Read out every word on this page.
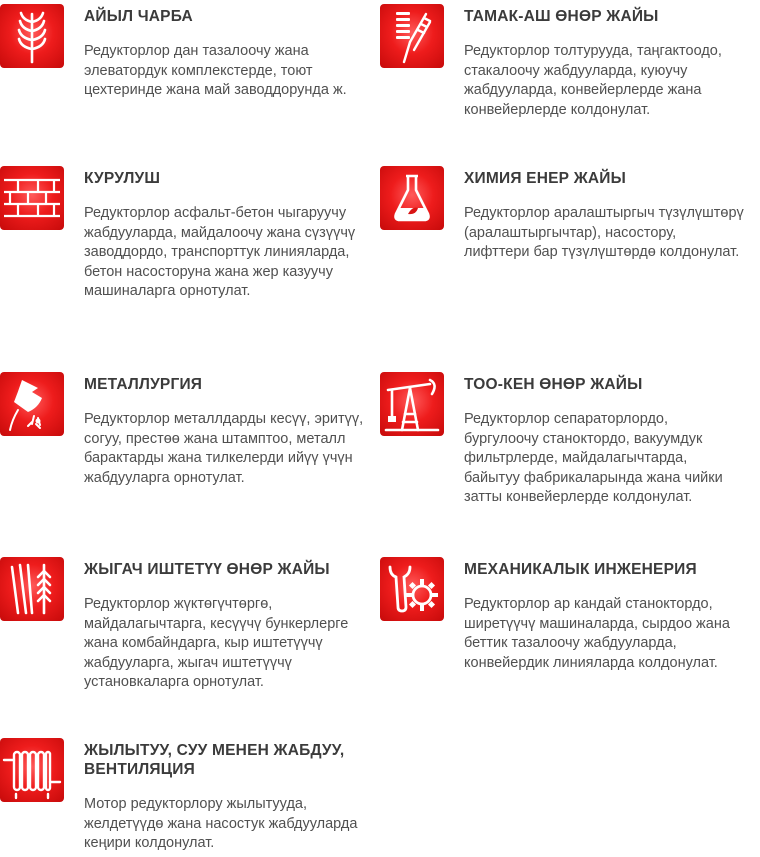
АЙЫЛ ЧАРБА
Редукторлор дан тазалоочу жана элеватордук комплекстерде, тоют цехтеринде жана май заводдорунда ж.
ТАМАК-АШ ӨНӨР ЖАЙЫ
Редукторлор толтурууда, таңгактоодо, стакалоочу жабдууларда, куюучу жабдууларда, конвейерлерде жана конвейерлерде колдонулат.
КУРУЛУШ
Редукторлор асфальт-бетон чыгаруучу жабдууларда, майдалоочу жана сүзүүчү заводдордо, транспорттук линияларда, бетон насосторуна жана жер казуучу машиналарга орнотулат.
ХИМИЯ ЕНЕР ЖАЙЫ
Редукторлор аралаштыргыч түзүлүштөрү (аралаштыргычтар), насостору, лифттери бар түзүлүштөрдө колдонулат.
МЕТАЛЛУРГИЯ
Редукторлор металлдарды кесүү, эритүү, согуу, престөө жана штамптоо, металл барактарды жана тилкелерди ийүү үчүн жабдууларга орнотулат.
ТОО-КЕН ӨНӨР ЖАЙЫ
Редукторлор сепараторлордо, бургулоочу станоктордо, вакуумдук фильтрлерде, майдалагычтарда, байытуу фабрикаларында жана чийки затты конвейерлерде колдонулат.
ЖЫГАЧ ИШТЕТҮҮ ӨНӨР ЖАЙЫ
Редукторлор жүктөгүчтөргө, майдалагычтарга, кесүүчү бункерлерге жана комбайндарга, кыр иштетүүчү жабдууларга, жыгач иштетүүчү установкаларга орнотулат.
МЕХАНИКАЛЫК ИНЖЕНЕРИЯ
Редукторлор ар кандай станоктордо, ширетүүчү машиналарда, сырдоо жана беттик тазалоочу жабдууларда, конвейердик линияларда колдонулат.
ЖЫЛЫТУУ, СУУ МЕНЕН ЖАБДУУ, ВЕНТИЛЯЦИЯ
Мотор редукторлору жылытууда, желдетүүдө жана насостук жабдууларда кеңири колдонулат.
